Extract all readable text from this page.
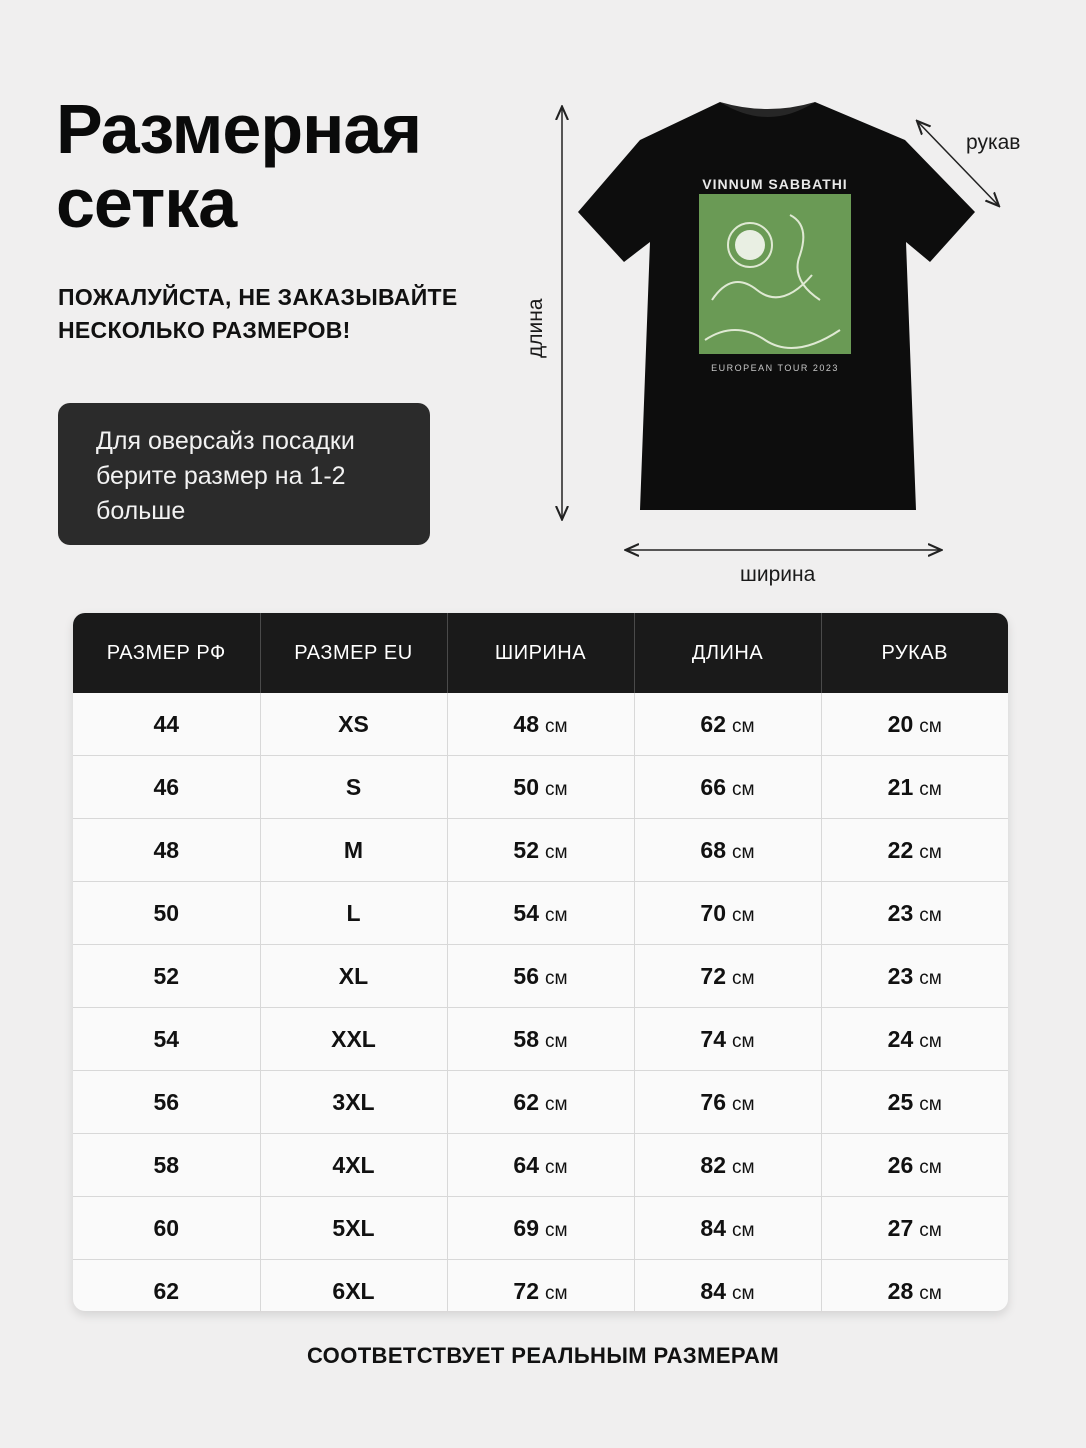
Размерная
сетка
ПОЖАЛУЙСТА, НЕ ЗАКАЗЫВАЙТЕ
НЕСКОЛЬКО РАЗМЕРОВ!
Для оверсайз посадки
берите размер на 1-2
больше
VINNUM SABBATHI
EUROPEAN TOUR 2023
длина
ширина
рукав
РАЗМЕР РФ	РАЗМЕР EU	ШИРИНА	ДЛИНА	РУКАВ
44	XS	48 см	62 см	20 см
46	S	50 см	66 см	21 см
48	M	52 см	68 см	22 см
50	L	54 см	70 см	23 см
52	XL	56 см	72 см	23 см
54	XXL	58 см	74 см	24 см
56	3XL	62 см	76 см	25 см
58	4XL	64 см	82 см	26 см
60	5XL	69 см	84 см	27 см
62	6XL	72 см	84 см	28 см
СООТВЕТСТВУЕТ РЕАЛЬНЫМ РАЗМЕРАМ
